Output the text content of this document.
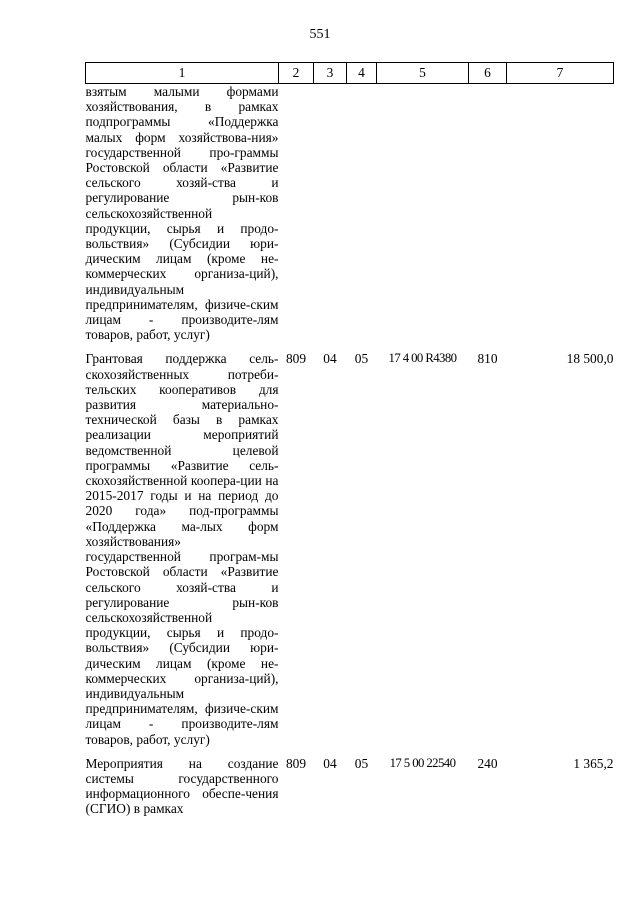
551
1	2	3	4	5	6	7
взятым малыми формами хозяйствования, в рамках подпрограммы «Поддержка малых форм хозяйствова-ния» государственной про-граммы Ростовской области «Развитие сельского хозяй-ства и регулирование рын-ков сельскохозяйственной продукции, сырья и продо-вольствия» (Субсидии юри-дическим лицам (кроме не-коммерческих организа-ций), индивидуальным предпринимателям, физиче-ским лицам - производите-лям товаров, работ, услуг)						

Грантовая поддержка сель-скохозяйственных потреби-тельских кооперативов для развития материально-технической базы в рамках реализации мероприятий ведомственной целевой программы «Развитие сель-скохозяйственной коопера-ции на 2015-2017 годы и на период до 2020 года» под-программы «Поддержка ма-лых форм хозяйствования» государственной програм-мы Ростовской области «Развитие сельского хозяй-ства и регулирование рын-ков сельскохозяйственной продукции, сырья и продо-вольствия» (Субсидии юри-дическим лицам (кроме не-коммерческих организа-ций), индивидуальным предпринимателям, физиче-ским лицам - производите-лям товаров, работ, услуг)	809	04	05	17 4 00 R4380	810	18 500,0

Мероприятия на создание системы государственного информационного обеспе-чения (СГИО) в рамках	809	04	05	17 5 00 22540	240	1 365,2
